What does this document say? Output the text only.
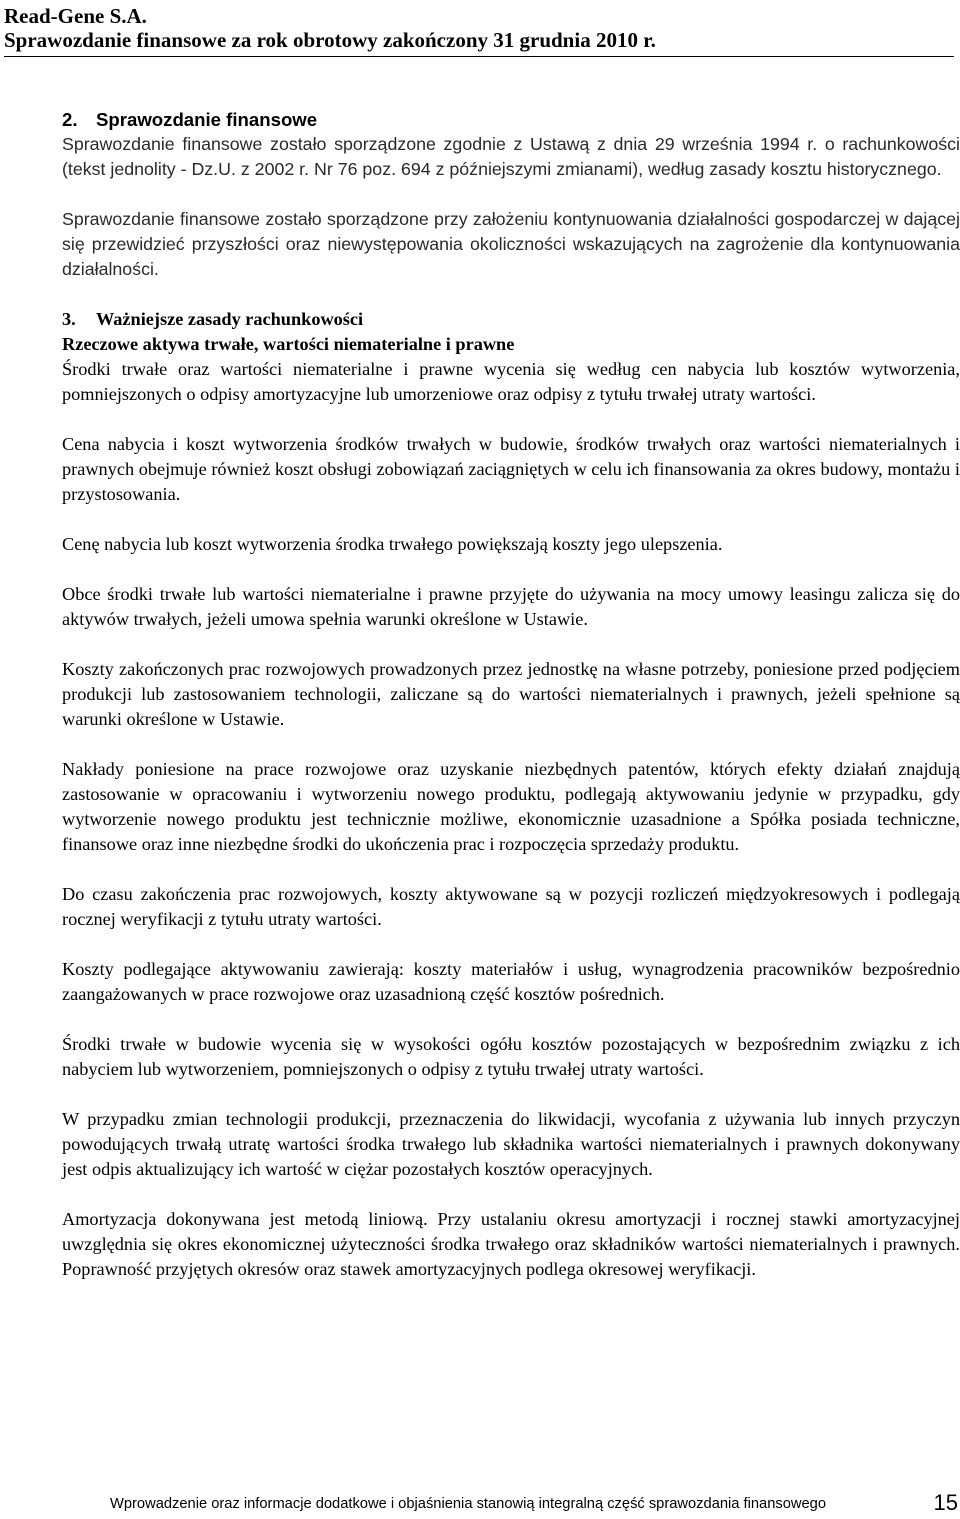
Read-Gene S.A.
Sprawozdanie finansowe za rok obrotowy zakończony 31 grudnia 2010 r.
2. Sprawozdanie finansowe

Sprawozdanie finansowe zostało sporządzone zgodnie z Ustawą z dnia 29 września 1994 r. o rachunkowości (tekst jednolity - Dz.U. z 2002 r. Nr 76 poz. 694 z późniejszymi zmianami), według zasady kosztu historycznego.

Sprawozdanie finansowe zostało sporządzone przy założeniu kontynuowania działalności gospodarczej w dającej się przewidzieć przyszłości oraz niewystępowania okoliczności wskazujących na zagrożenie dla kontynuowania działalności.

3. Ważniejsze zasady rachunkowości
Rzeczowe aktywa trwałe, wartości niematerialne i prawne

Środki trwałe oraz wartości niematerialne i prawne wycenia się według cen nabycia lub kosztów wytworzenia, pomniejszonych o odpisy amortyzacyjne lub umorzeniowe oraz odpisy z tytułu trwałej utraty wartości.

Cena nabycia i koszt wytworzenia środków trwałych w budowie, środków trwałych oraz wartości niematerialnych i prawnych obejmuje również koszt obsługi zobowiązań zaciągniętych w celu ich finansowania za okres budowy, montażu i przystosowania.

Cenę nabycia lub koszt wytworzenia środka trwałego powiększają koszty jego ulepszenia.

Obce środki trwałe lub wartości niematerialne i prawne przyjęte do używania na mocy umowy leasingu zalicza się do aktywów trwałych, jeżeli umowa spełnia warunki określone w Ustawie.

Koszty zakończonych prac rozwojowych prowadzonych przez jednostkę na własne potrzeby, poniesione przed podjęciem produkcji lub zastosowaniem technologii, zaliczane są do wartości niematerialnych i prawnych, jeżeli spełnione są warunki określone w Ustawie.

Nakłady poniesione na prace rozwojowe oraz uzyskanie niezbędnych patentów, których efekty działań znajdują zastosowanie w opracowaniu i wytworzeniu nowego produktu, podlegają aktywowaniu jedynie w przypadku, gdy wytworzenie nowego produktu jest technicznie możliwe, ekonomicznie uzasadnione a Spółka posiada techniczne, finansowe oraz inne niezbędne środki do ukończenia prac i rozpoczęcia sprzedaży produktu.

Do czasu zakończenia prac rozwojowych, koszty aktywowane są w pozycji rozliczeń międzyokresowych i podlegają rocznej weryfikacji z tytułu utraty wartości.

Koszty podlegające aktywowaniu zawierają: koszty materiałów i usług, wynagrodzenia pracowników bezpośrednio zaangażowanych w prace rozwojowe oraz uzasadnioną część kosztów pośrednich.

Środki trwałe w budowie wycenia się w wysokości ogółu kosztów pozostających w bezpośrednim związku z ich nabyciem lub wytworzeniem, pomniejszonych o odpisy z tytułu trwałej utraty wartości.

W przypadku zmian technologii produkcji, przeznaczenia do likwidacji, wycofania z używania lub innych przyczyn powodujących trwałą utratę wartości środka trwałego lub składnika wartości niematerialnych i prawnych dokonywany jest odpis aktualizujący ich wartość w ciężar pozostałych kosztów operacyjnych.

Amortyzacja dokonywana jest metodą liniową. Przy ustalaniu okresu amortyzacji i rocznej stawki amortyzacyjnej uwzględnia się okres ekonomicznej użyteczności środka trwałego oraz składników wartości niematerialnych i prawnych. Poprawność przyjętych okresów oraz stawek amortyzacyjnych podlega okresowej weryfikacji.

Wprowadzenie oraz informacje dodatkowe i objaśnienia stanowią integralną część sprawozdania finansowego	15
